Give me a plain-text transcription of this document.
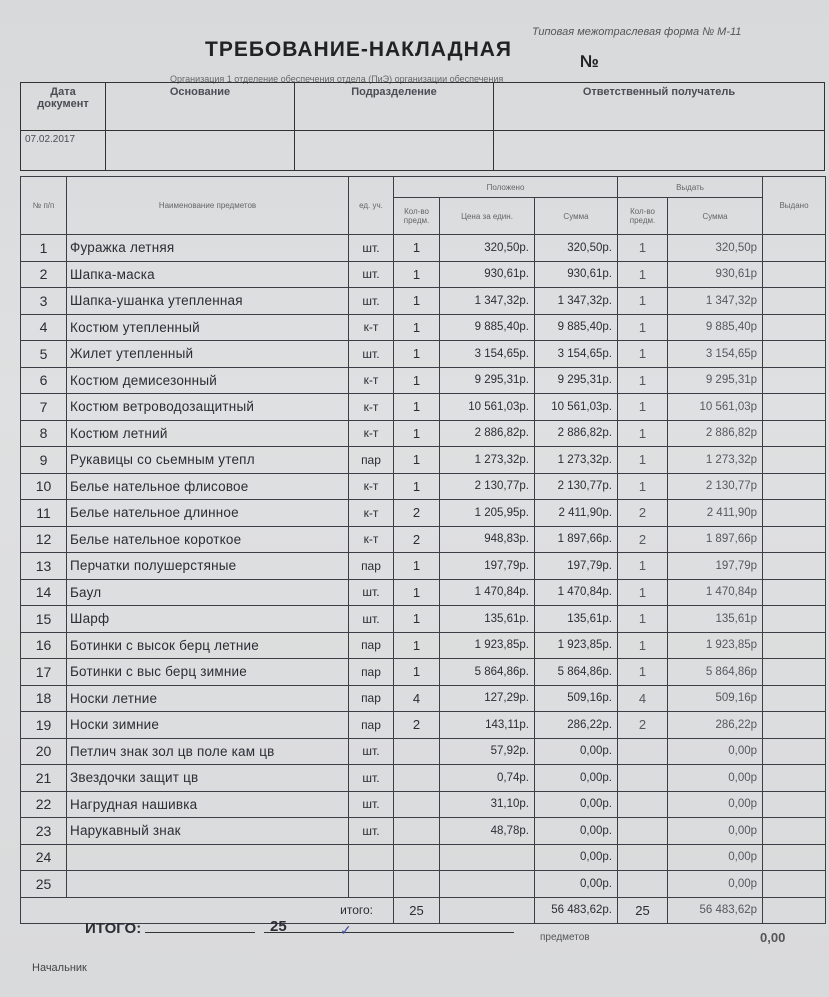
Типовая межотраслевая форма № М-11
ТРЕБОВАНИЕ-НАКЛАДНАЯ
№
Организация 1 отделение обеспечения отдела (ПиЭ) организации обеспечения
Дата документ	Основание	Подразделение	Ответственный получатель
07.02.2017			
№ п/п	Наименование предметов	ед. уч.	Положено			Выдать		Выдано
			Кол-во предм.	Цена за един.	Сумма	Кол-во предм.	Сумма	
1	Фуражка летняя	шт.	1	320,50р.	320,50р.	1	320,50р	
2	Шапка-маска	шт.	1	930,61р.	930,61р.	1	930,61р	
3	Шапка-ушанка утепленная	шт.	1	1 347,32р.	1 347,32р.	1	1 347,32р	
4	Костюм утепленный	к-т	1	9 885,40р.	9 885,40р.	1	9 885,40р	
5	Жилет утепленный	шт.	1	3 154,65р.	3 154,65р.	1	3 154,65р	
6	Костюм демисезонный	к-т	1	9 295,31р.	9 295,31р.	1	9 295,31р	
7	Костюм ветроводозащитный	к-т	1	10 561,03р.	10 561,03р.	1	10 561,03р	
8	Костюм летний	к-т	1	2 886,82р.	2 886,82р.	1	2 886,82р	
9	Рукавицы со сьемным утепл	пар	1	1 273,32р.	1 273,32р.	1	1 273,32р	
10	Белье нательное флисовое	к-т	1	2 130,77р.	2 130,77р.	1	2 130,77р	
11	Белье нательное длинное	к-т	2	1 205,95р.	2 411,90р.	2	2 411,90р	
12	Белье нательное короткое	к-т	2	948,83р.	1 897,66р.	2	1 897,66р	
13	Перчатки полушерстяные	пар	1	197,79р.	197,79р.	1	197,79р	
14	Баул	шт.	1	1 470,84р.	1 470,84р.	1	1 470,84р	
15	Шарф	шт.	1	135,61р.	135,61р.	1	135,61р	
16	Ботинки с высок берц летние	пар	1	1 923,85р.	1 923,85р.	1	1 923,85р	
17	Ботинки с выс берц зимние	пар	1	5 864,86р.	5 864,86р.	1	5 864,86р	
18	Носки летние	пар	4	127,29р.	509,16р.	4	509,16р	
19	Носки зимние	пар	2	143,11р.	286,22р.	2	286,22р	
20	Петлич знак зол цв поле кам цв	шт.		57,92р.	0,00р.		0,00р	
21	Звездочки защит цв	шт.		0,74р.	0,00р.		0,00р	
22	Нагрудная нашивка	шт.		31,10р.	0,00р.		0,00р	
23	Нарукавный знак	шт.		48,78р.	0,00р.		0,00р	
24					0,00р.		0,00р	
25					0,00р.		0,00р	
итого:			25		56 483,62р.	25	56 483,62р	
ИТОГО:	25	✓	предметов	0,00
Начальник
